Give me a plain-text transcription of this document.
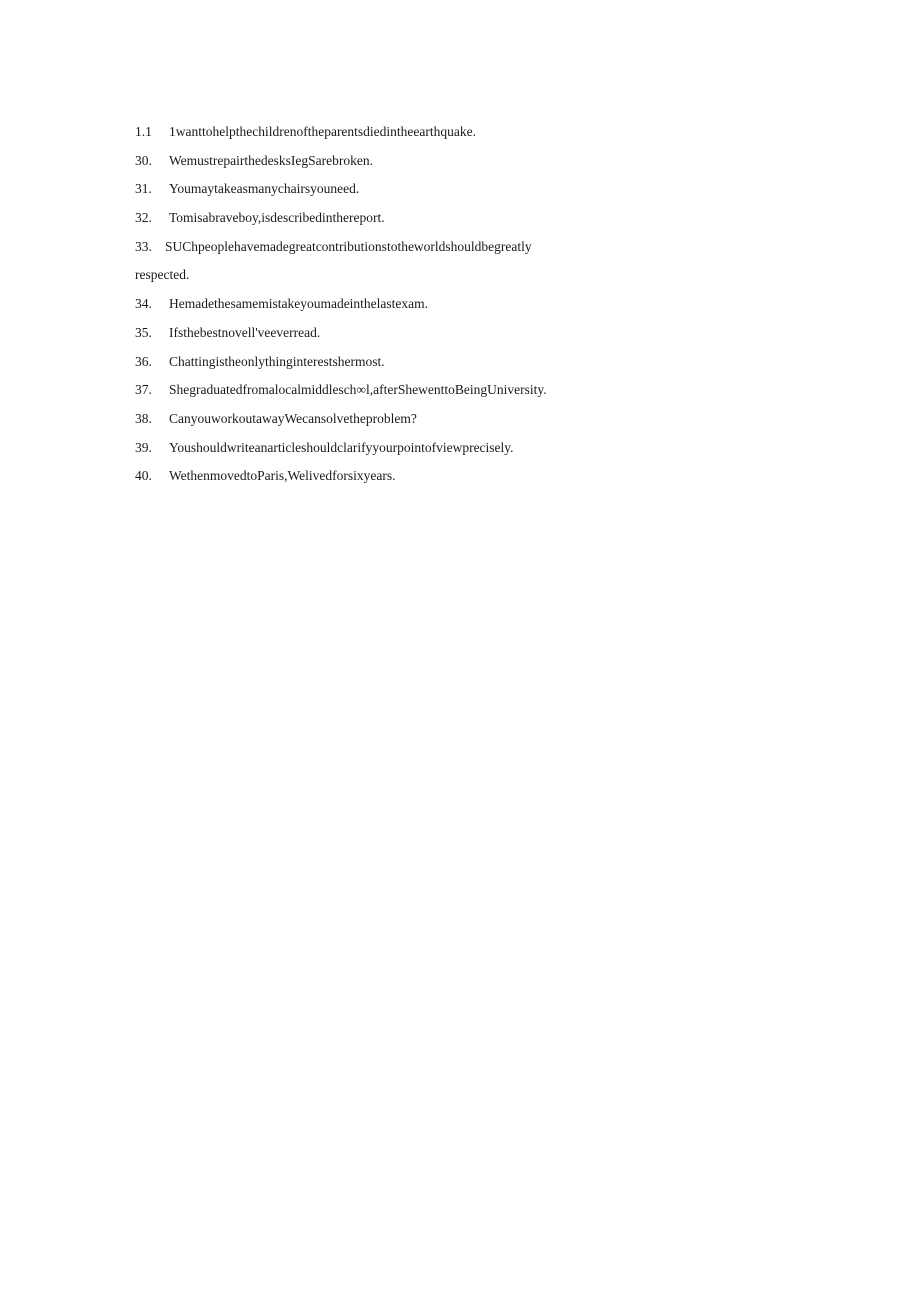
1.1	1wanttohelpthechildrenoftheparentsdiedintheearthquake.
30.	WemustrepairthedesksIegSarebroken.
31.	Youmaytakeasmanychairsyouneed.
32.	Tomisabraveboy,isdescribedinthereport.
33. SUChpeoplehavemadegreatcontributionstotheworldshouldbegreatly
respected.
34.	Hemadethesamemistakeyoumadeinthelastexam.
35.	Ifsthebestnovell'veeverread.
36.	Chattingistheonlythinginterestshermost.
37.	Shegraduatedfromalocalmiddlesch∞l,afterShewenttoBeingUniversity.
38.	CanyouworkoutawayWecansolvetheproblem?
39.	Youshouldwriteanarticleshouldclarifyyourpointofviewprecisely.
40.	WethenmovedtoParis,Welivedforsixyears.
